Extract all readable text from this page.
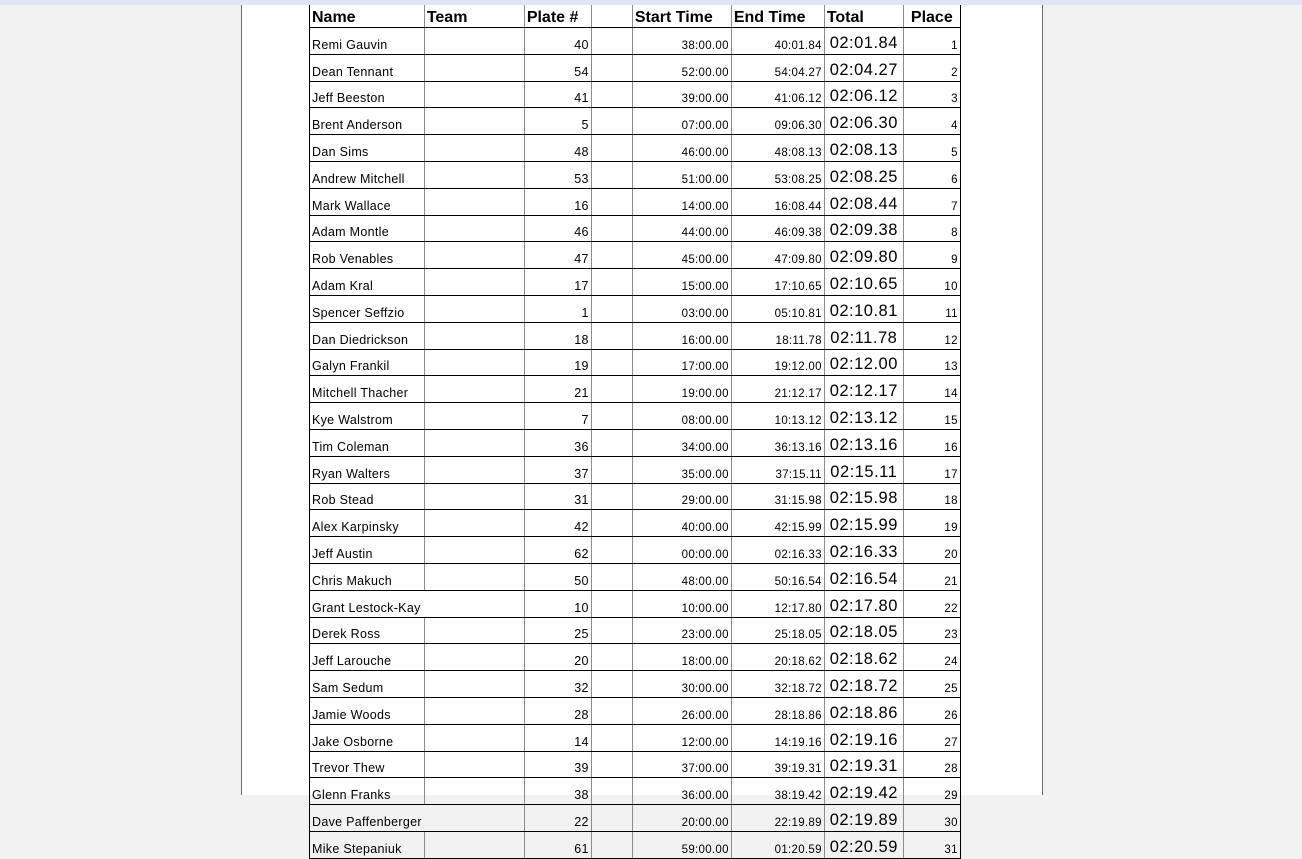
Name	Team	Plate #		Start Time	End Time	Total	Place
Remi Gauvin		40		38:00.00	40:01.84	02:01.84	1
Dean Tennant		54		52:00.00	54:04.27	02:04.27	2
Jeff Beeston		41		39:00.00	41:06.12	02:06.12	3
Brent Anderson		5		07:00.00	09:06.30	02:06.30	4
Dan Sims		48		46:00.00	48:08.13	02:08.13	5
Andrew Mitchell		53		51:00.00	53:08.25	02:08.25	6
Mark Wallace		16		14:00.00	16:08.44	02:08.44	7
Adam Montle		46		44:00.00	46:09.38	02:09.38	8
Rob Venables		47		45:00.00	47:09.80	02:09.80	9
Adam Kral		17		15:00.00	17:10.65	02:10.65	10
Spencer Seffzio		1		03:00.00	05:10.81	02:10.81	11
Dan Diedrickson		18		16:00.00	18:11.78	02:11.78	12
Galyn Frankil		19		17:00.00	19:12.00	02:12.00	13
Mitchell Thacher		21		19:00.00	21:12.17	02:12.17	14
Kye Walstrom		7		08:00.00	10:13.12	02:13.12	15
Tim Coleman		36		34:00.00	36:13.16	02:13.16	16
Ryan Walters		37		35:00.00	37:15.11	02:15.11	17
Rob Stead		31		29:00.00	31:15.98	02:15.98	18
Alex Karpinsky		42		40:00.00	42:15.99	02:15.99	19
Jeff Austin		62		00:00.00	02:16.33	02:16.33	20
Chris Makuch		50		48:00.00	50:16.54	02:16.54	21
Grant Lestock-Kay		10		10:00.00	12:17.80	02:17.80	22
Derek Ross		25		23:00.00	25:18.05	02:18.05	23
Jeff Larouche		20		18:00.00	20:18.62	02:18.62	24
Sam Sedum		32		30:00.00	32:18.72	02:18.72	25
Jamie Woods		28		26:00.00	28:18.86	02:18.86	26
Jake Osborne		14		12:00.00	14:19.16	02:19.16	27
Trevor Thew		39		37:00.00	39:19.31	02:19.31	28
Glenn Franks		38		36:00.00	38:19.42	02:19.42	29
Dave Paffenberger		22		20:00.00	22:19.89	02:19.89	30
Mike Stepaniuk		61		59:00.00	01:20.59	02:20.59	31
